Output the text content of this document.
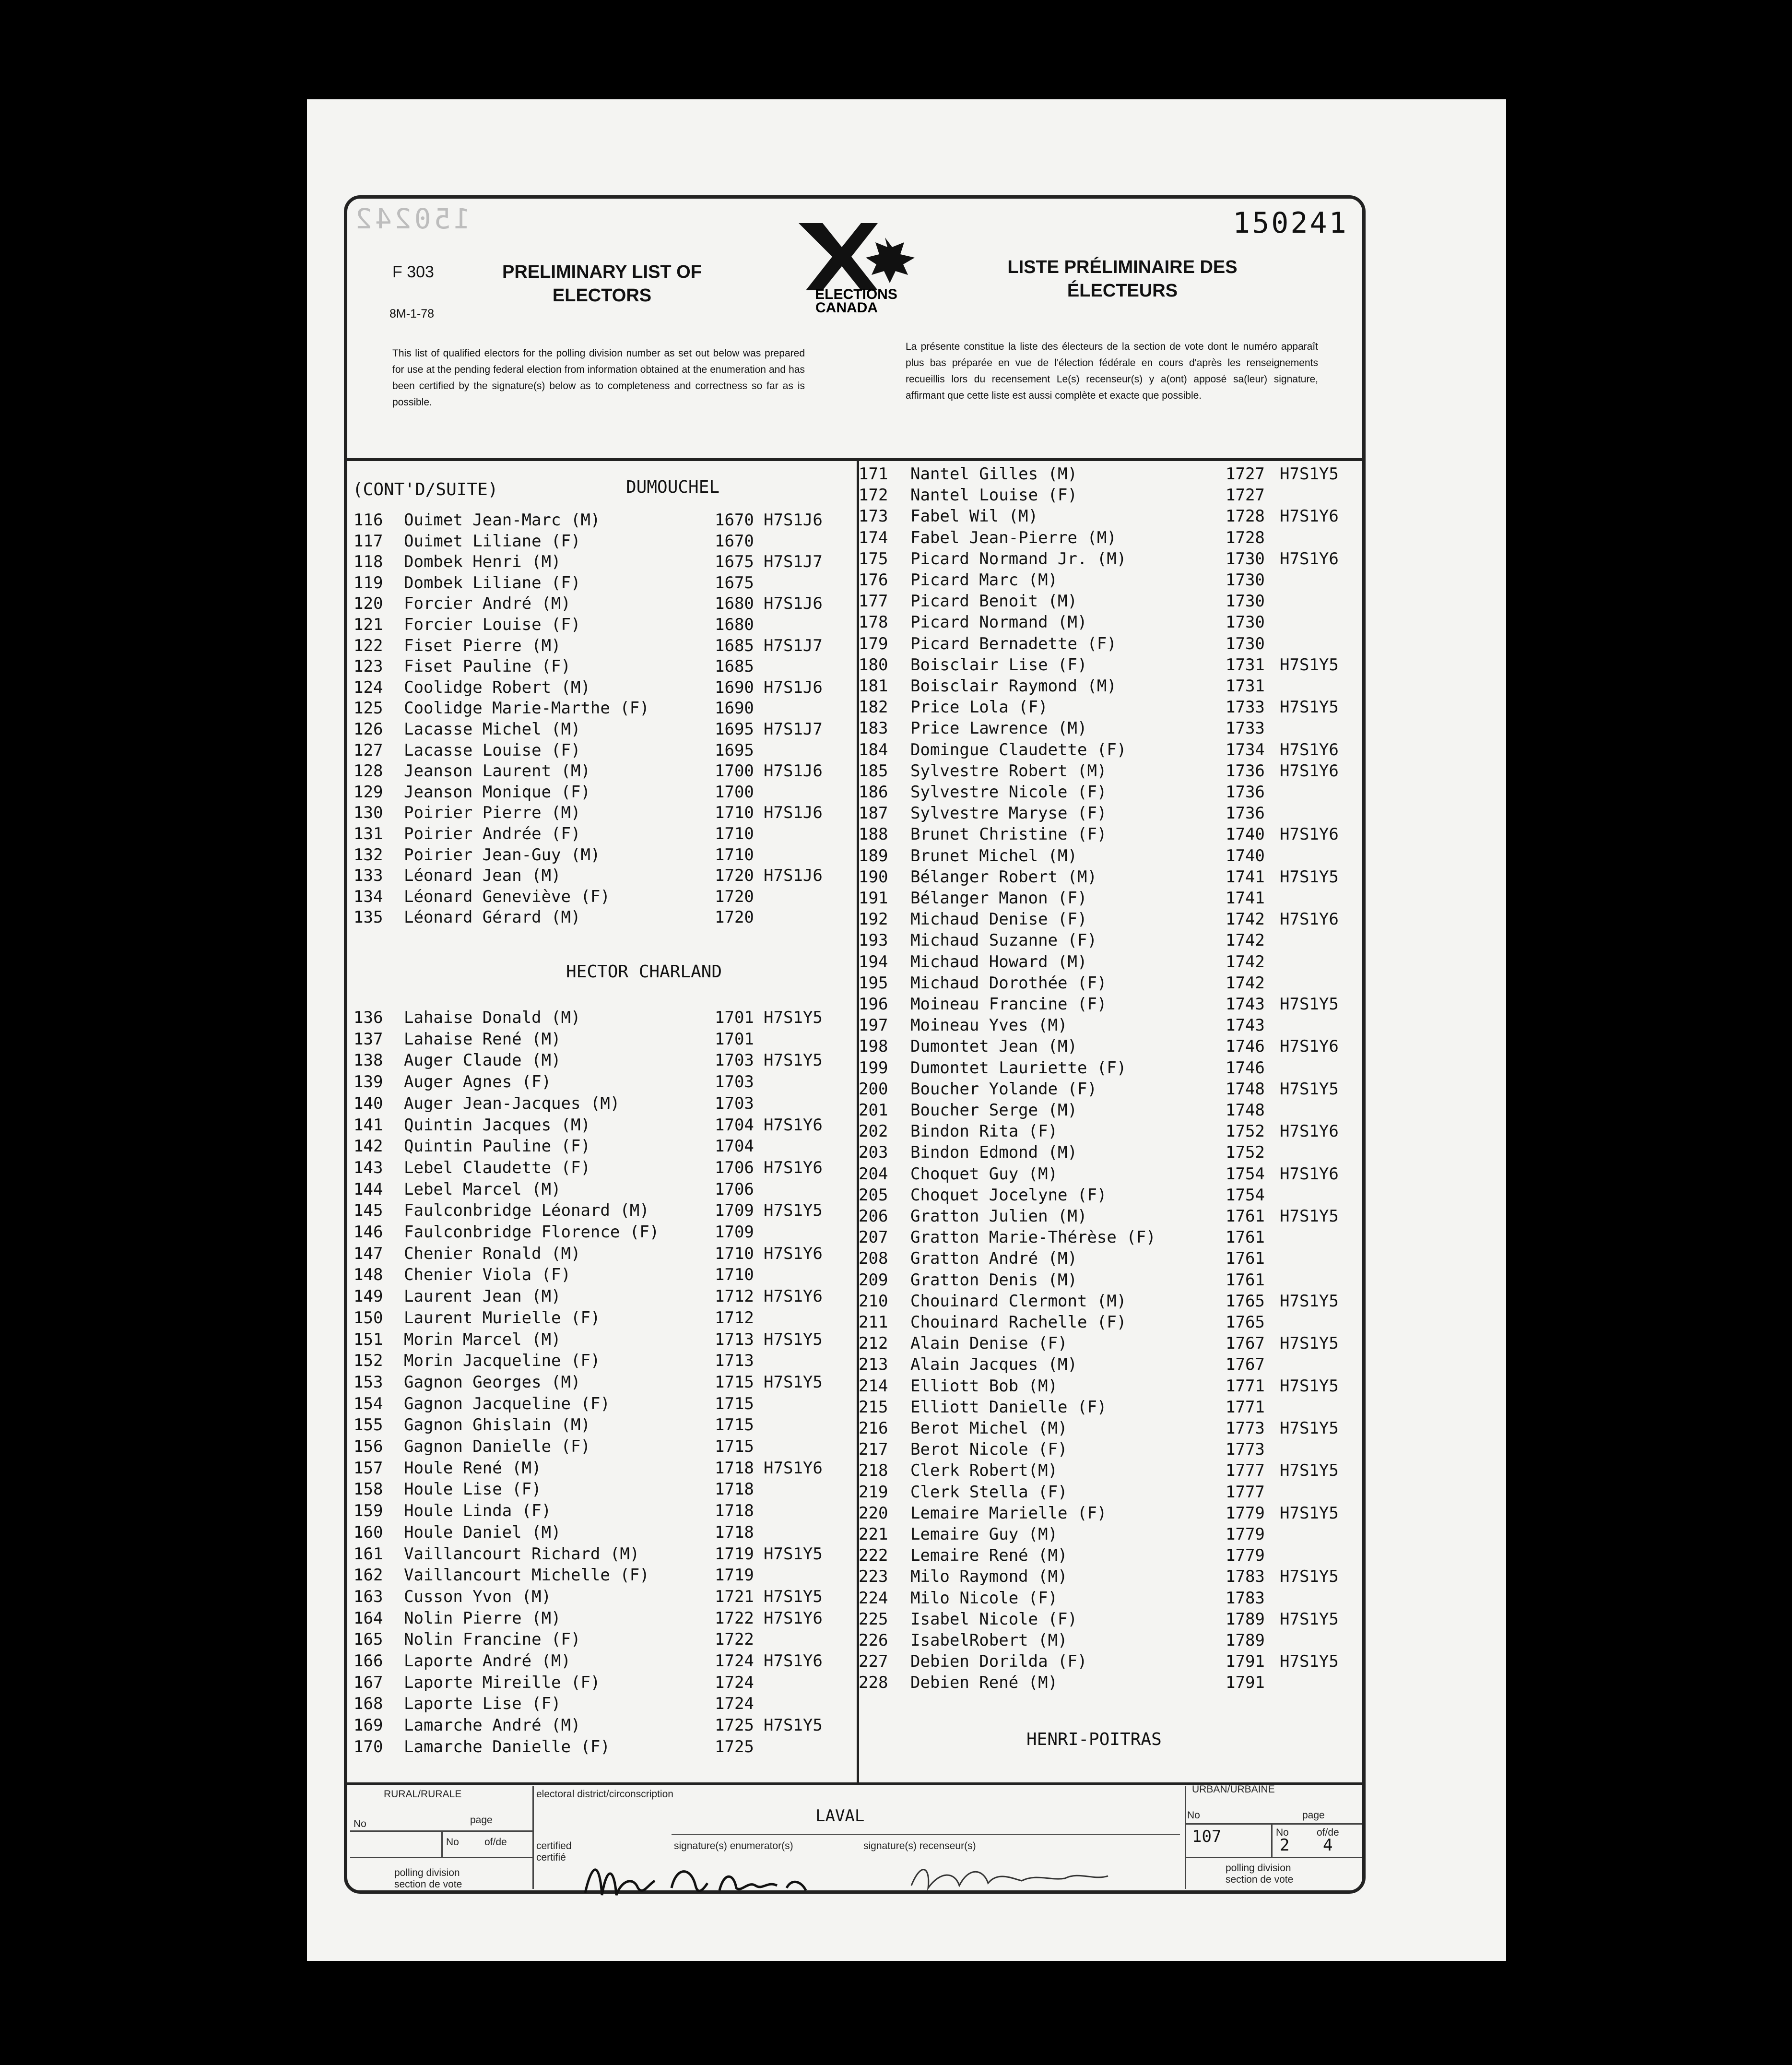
150242	150241
F 303
8M-1-78
PRELIMINARY LIST OF ELECTORS
LISTE PRÉLIMINAIRE DES ÉLECTEURS
ELECTIONS
CANADA
This list of qualified electors for the polling division number as set out below was prepared for use at the pending federal election from information obtained at the enumeration and has been certified by the signature(s) below as to completeness and correctness so far as is possible.
La présente constitue la liste des électeurs de la section de vote dont le numéro apparaît plus bas préparée en vue de l'élection fédérale en cours d'après les renseignements recueillis lors du recensement Le(s) recenseur(s) y a(ont) apposé sa(leur) signature, affirmant que cette liste est aussi complète et exacte que possible.
(CONT'D/SUITE)	DUMOUCHEL
HECTOR CHARLAND
HENRI-POITRAS
116 Ouimet Jean-Marc (M)	1670 H7S1J6
117 Ouimet Liliane (F)	1670
118 Dombek Henri (M)	1675 H7S1J7
119 Dombek Liliane (F)	1675
120 Forcier André (M)	1680 H7S1J6
121 Forcier Louise (F)	1680
122 Fiset Pierre (M)	1685 H7S1J7
123 Fiset Pauline (F)	1685
124 Coolidge Robert (M)	1690 H7S1J6
125 Coolidge Marie-Marthe (F)	1690
126 Lacasse Michel (M)	1695 H7S1J7
127 Lacasse Louise (F)	1695
128 Jeanson Laurent (M)	1700 H7S1J6
129 Jeanson Monique (F)	1700
130 Poirier Pierre (M)	1710 H7S1J6
131 Poirier Andrée (F)	1710
132 Poirier Jean-Guy (M)	1710
133 Léonard Jean (M)	1720 H7S1J6
134 Léonard Geneviève (F)	1720
135 Léonard Gérard (M)	1720
136 Lahaise Donald (M)	1701 H7S1Y5
137 Lahaise René (M)	1701
138 Auger Claude (M)	1703 H7S1Y5
139 Auger Agnes (F)	1703
140 Auger Jean-Jacques (M)	1703
141 Quintin Jacques (M)	1704 H7S1Y6
142 Quintin Pauline (F)	1704
143 Lebel Claudette (F)	1706 H7S1Y6
144 Lebel Marcel (M)	1706
145 Faulconbridge Léonard (M)	1709 H7S1Y5
146 Faulconbridge Florence (F)	1709
147 Chenier Ronald (M)	1710 H7S1Y6
148 Chenier Viola (F)	1710
149 Laurent Jean (M)	1712 H7S1Y6
150 Laurent Murielle (F)	1712
151 Morin Marcel (M)	1713 H7S1Y5
152 Morin Jacqueline (F)	1713
153 Gagnon Georges (M)	1715 H7S1Y5
154 Gagnon Jacqueline (F)	1715
155 Gagnon Ghislain (M)	1715
156 Gagnon Danielle (F)	1715
157 Houle René (M)	1718 H7S1Y6
158 Houle Lise (F)	1718
159 Houle Linda (F)	1718
160 Houle Daniel (M)	1718
161 Vaillancourt Richard (M)	1719 H7S1Y5
162 Vaillancourt Michelle (F)	1719
163 Cusson Yvon (M)	1721 H7S1Y5
164 Nolin Pierre (M)	1722 H7S1Y6
165 Nolin Francine (F)	1722
166 Laporte André (M)	1724 H7S1Y6
167 Laporte Mireille (F)	1724
168 Laporte Lise (F)	1724
169 Lamarche André (M)	1725 H7S1Y5
170 Lamarche Danielle (F)	1725
171 Nantel Gilles (M)	1727 H7S1Y5
172 Nantel Louise (F)	1727
173 Fabel Wil (M)	1728 H7S1Y6
174 Fabel Jean-Pierre (M)	1728
175 Picard Normand Jr. (M)	1730 H7S1Y6
176 Picard Marc (M)	1730
177 Picard Benoit (M)	1730
178 Picard Normand (M)	1730
179 Picard Bernadette (F)	1730
180 Boisclair Lise (F)	1731 H7S1Y5
181 Boisclair Raymond (M)	1731
182 Price Lola (F)	1733 H7S1Y5
183 Price Lawrence (M)	1733
184 Domingue Claudette (F)	1734 H7S1Y6
185 Sylvestre Robert (M)	1736 H7S1Y6
186 Sylvestre Nicole (F)	1736
187 Sylvestre Maryse (F)	1736
188 Brunet Christine (F)	1740 H7S1Y6
189 Brunet Michel (M)	1740
190 Bélanger Robert (M)	1741 H7S1Y5
191 Bélanger Manon (F)	1741
192 Michaud Denise (F)	1742 H7S1Y6
193 Michaud Suzanne (F)	1742
194 Michaud Howard (M)	1742
195 Michaud Dorothée (F)	1742
196 Moineau Francine (F)	1743 H7S1Y5
197 Moineau Yves (M)	1743
198 Dumontet Jean (M)	1746 H7S1Y6
199 Dumontet Lauriette (F)	1746
200 Boucher Yolande (F)	1748 H7S1Y5
201 Boucher Serge (M)	1748
202 Bindon Rita (F)	1752 H7S1Y6
203 Bindon Edmond (M)	1752
204 Choquet Guy (M)	1754 H7S1Y6
205 Choquet Jocelyne (F)	1754
206 Gratton Julien (M)	1761 H7S1Y5
207 Gratton Marie-Thérèse (F)	1761
208 Gratton André (M)	1761
209 Gratton Denis (M)	1761
210 Chouinard Clermont (M)	1765 H7S1Y5
211 Chouinard Rachelle (F)	1765
212 Alain Denise (F)	1767 H7S1Y5
213 Alain Jacques (M)	1767
214 Elliott Bob (M)	1771 H7S1Y5
215 Elliott Danielle (F)	1771
216 Berot Michel (M)	1773 H7S1Y5
217 Berot Nicole (F)	1773
218 Clerk Robert(M)	1777 H7S1Y5
219 Clerk Stella (F)	1777
220 Lemaire Marielle (F)	1779 H7S1Y5
221 Lemaire Guy (M)	1779
222 Lemaire René (M)	1779
223 Milo Raymond (M)	1783 H7S1Y5
224 Milo Nicole (F)	1783
225 Isabel Nicole (F)	1789 H7S1Y5
226 IsabelRobert (M)	1789
227 Debien Dorilda (F)	1791 H7S1Y5
228 Debien René (M)	1791
RURAL/RURALE	electoral district/circonscription
LAVAL
URBAN/URBAINE
No	page
No	of/de	certified
certifié
signature(s) enumerator(s)	signature(s) recenseur(s)
polling division
section de vote
No	page
No	of/de
107	2 4
polling division
section de vote
